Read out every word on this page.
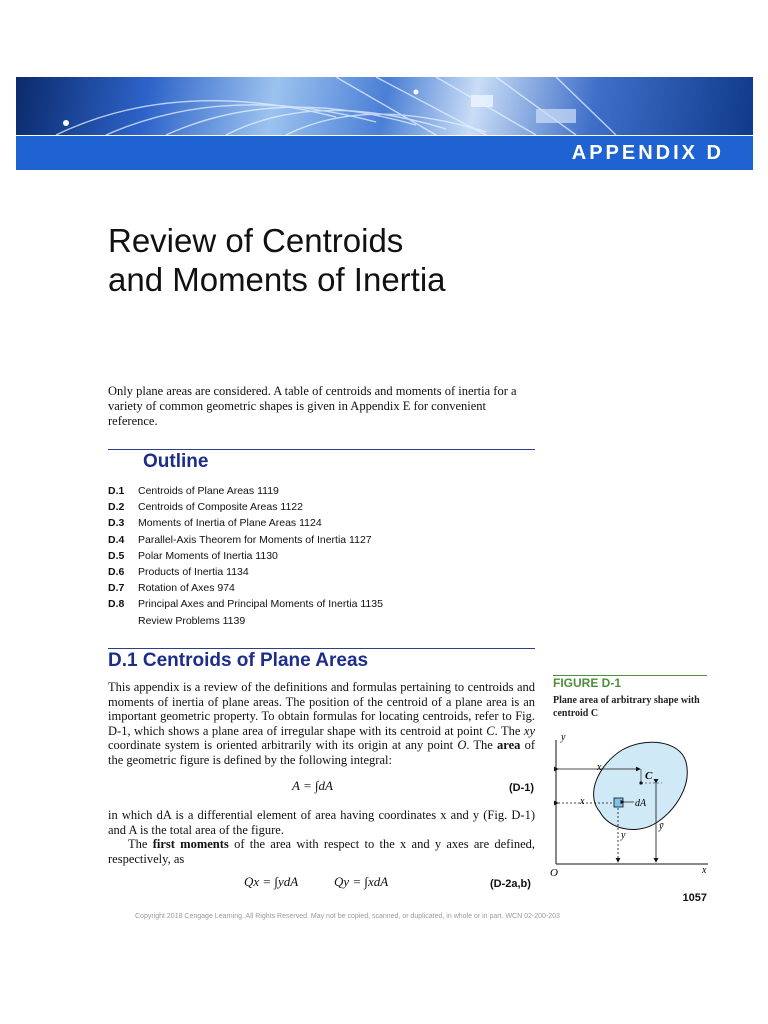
APPENDIX D
Review of Centroids
and Moments of Inertia
Only plane areas are considered. A table of centroids and moments of inertia for a variety of common geometric shapes is given in Appendix E for convenient reference.
Outline
D.1 Centroids of Plane Areas 1119
D.2 Centroids of Composite Areas 1122
D.3 Moments of Inertia of Plane Areas 1124
D.4 Parallel-Axis Theorem for Moments of Inertia 1127
D.5 Polar Moments of Inertia 1130
D.6 Products of Inertia 1134
D.7 Rotation of Axes 974
D.8 Principal Axes and Principal Moments of Inertia 1135
Review Problems 1139
D.1 Centroids of Plane Areas
This appendix is a review of the definitions and formulas pertaining to centroids and moments of inertia of plane areas. The position of the centroid of a plane area is an important geometric property. To obtain formulas for locating centroids, refer to Fig. D-1, which shows a plane area of irregular shape with its centroid at point C. The xy coordinate system is oriented arbitrarily with its origin at any point O. The area of the geometric figure is defined by the following integral:
A = ∫dA	(D-1)
in which dA is a differential element of area having coordinates x and y (Fig. D-1) and A is the total area of the figure.
The first moments of the area with respect to the x and y axes are defined, respectively, as
Qx = ∫ydA	Qy = ∫xdA	(D-2a,b)
FIGURE D-1
Plane area of arbitrary shape with centroid C
y
x
O
C
dA
x
x
y
ȳ
1057
Copyright 2018 Cengage Learning. All Rights Reserved. May not be copied, scanned, or duplicated, in whole or in part. WCN 02-200-203
